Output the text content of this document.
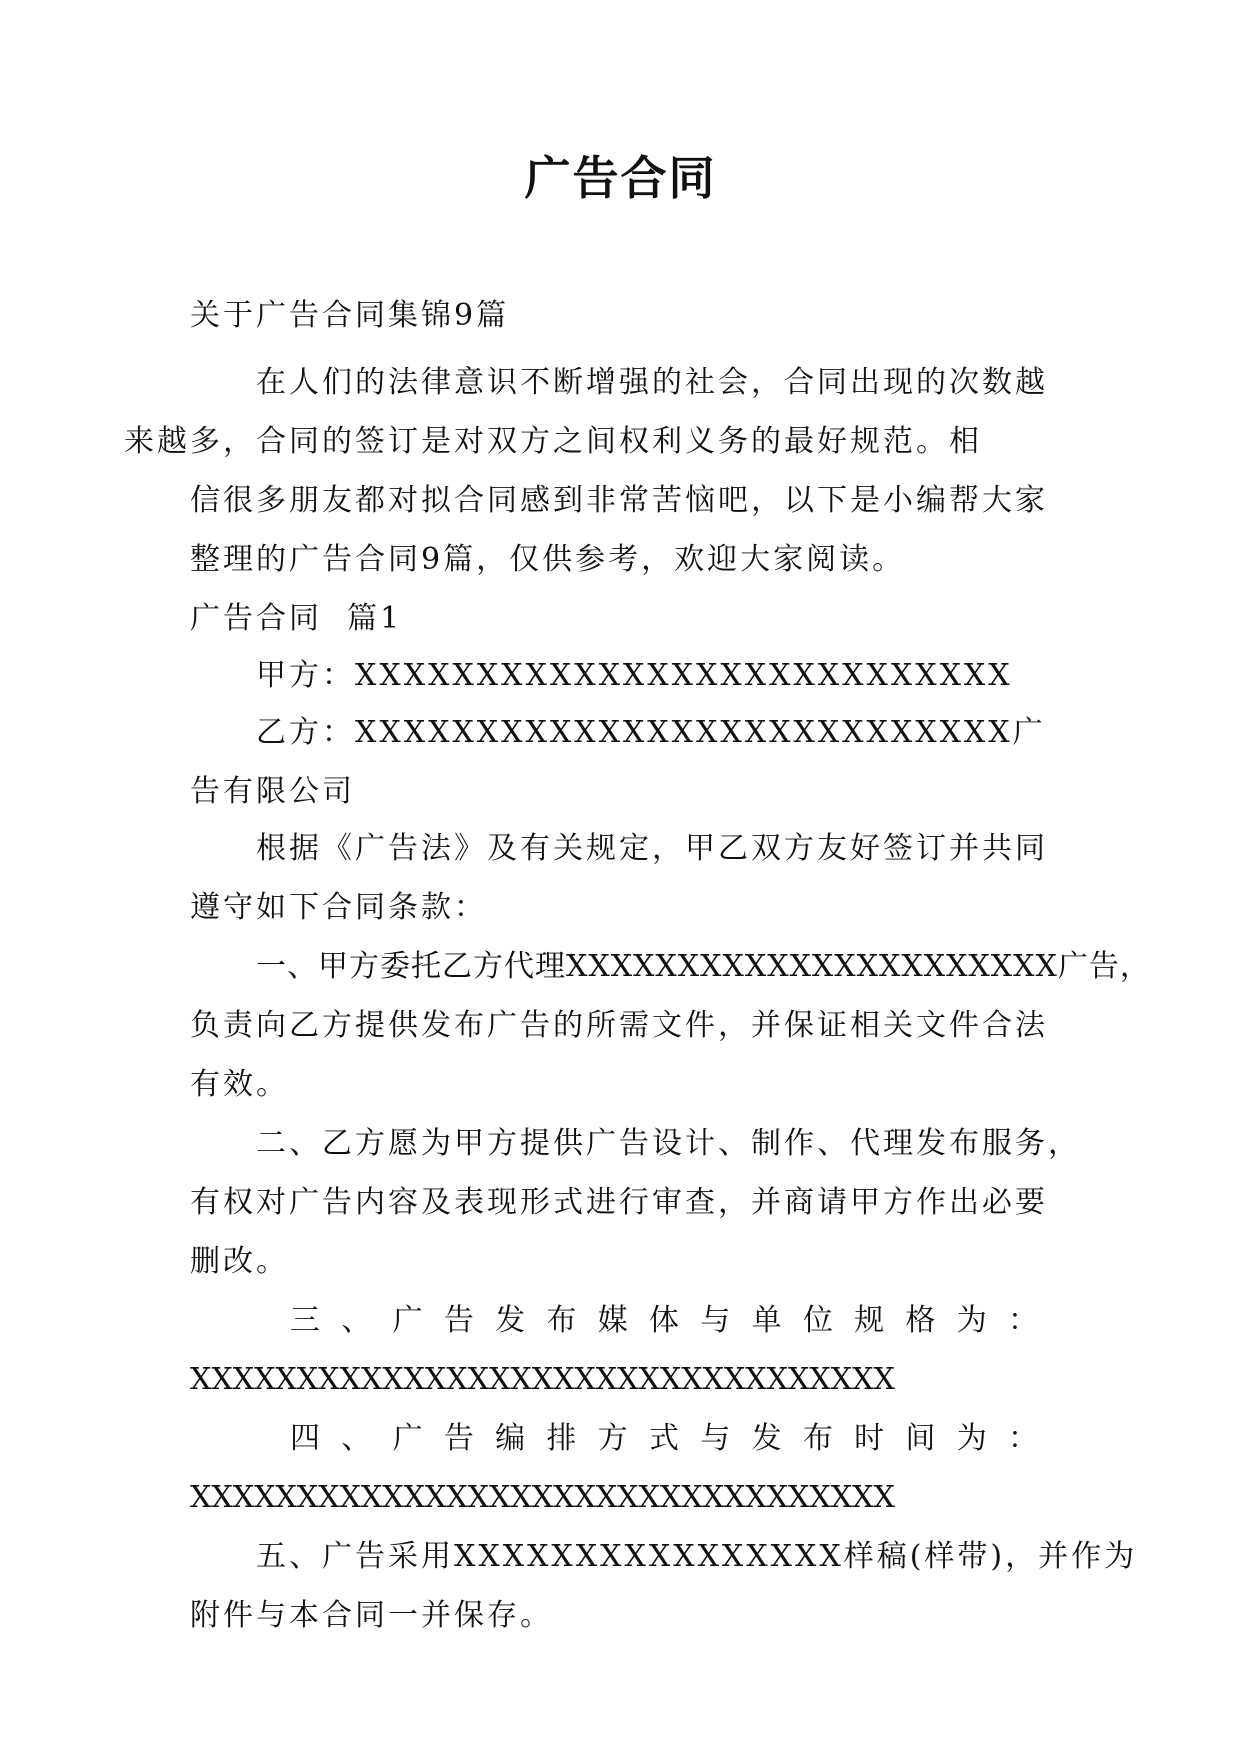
广告合同

关于广告合同集锦9篇

在人们的法律意识不断增强的社会，合同出现的次数越
来越多，合同的签订是对双方之间权利义务的最好规范。相
信很多朋友都对拟合同感到非常苦恼吧，以下是小编帮大家
整理的广告合同9篇，仅供参考，欢迎大家阅读。

广告合同  篇1

甲方：XXXXXXXXXXXXXXXXXXXXXXXXXXX

乙方：XXXXXXXXXXXXXXXXXXXXXXXXXXX广告有限公司

根据《广告法》及有关规定，甲乙双方友好签订并共同
遵守如下合同条款：

一、甲方委托乙方代理XXXXXXXXXXXXXXXXXXXXXX广告，
负责向乙方提供发布广告的所需文件，并保证相关文件合法
有效。

二、乙方愿为甲方提供广告设计、制作、代理发布服务，
有权对广告内容及表现形式进行审查，并商请甲方作出必要
删改。

三、广告发布媒体与单位规格为：
XXXXXXXXXXXXXXXXXXXXXXXXXXXXXXXXX

四、广告编排方式与发布时间为：
XXXXXXXXXXXXXXXXXXXXXXXXXXXXXXXXX

五、广告采用XXXXXXXXXXXXXXXX样稿(样带)，并作为
附件与本合同一并保存。
